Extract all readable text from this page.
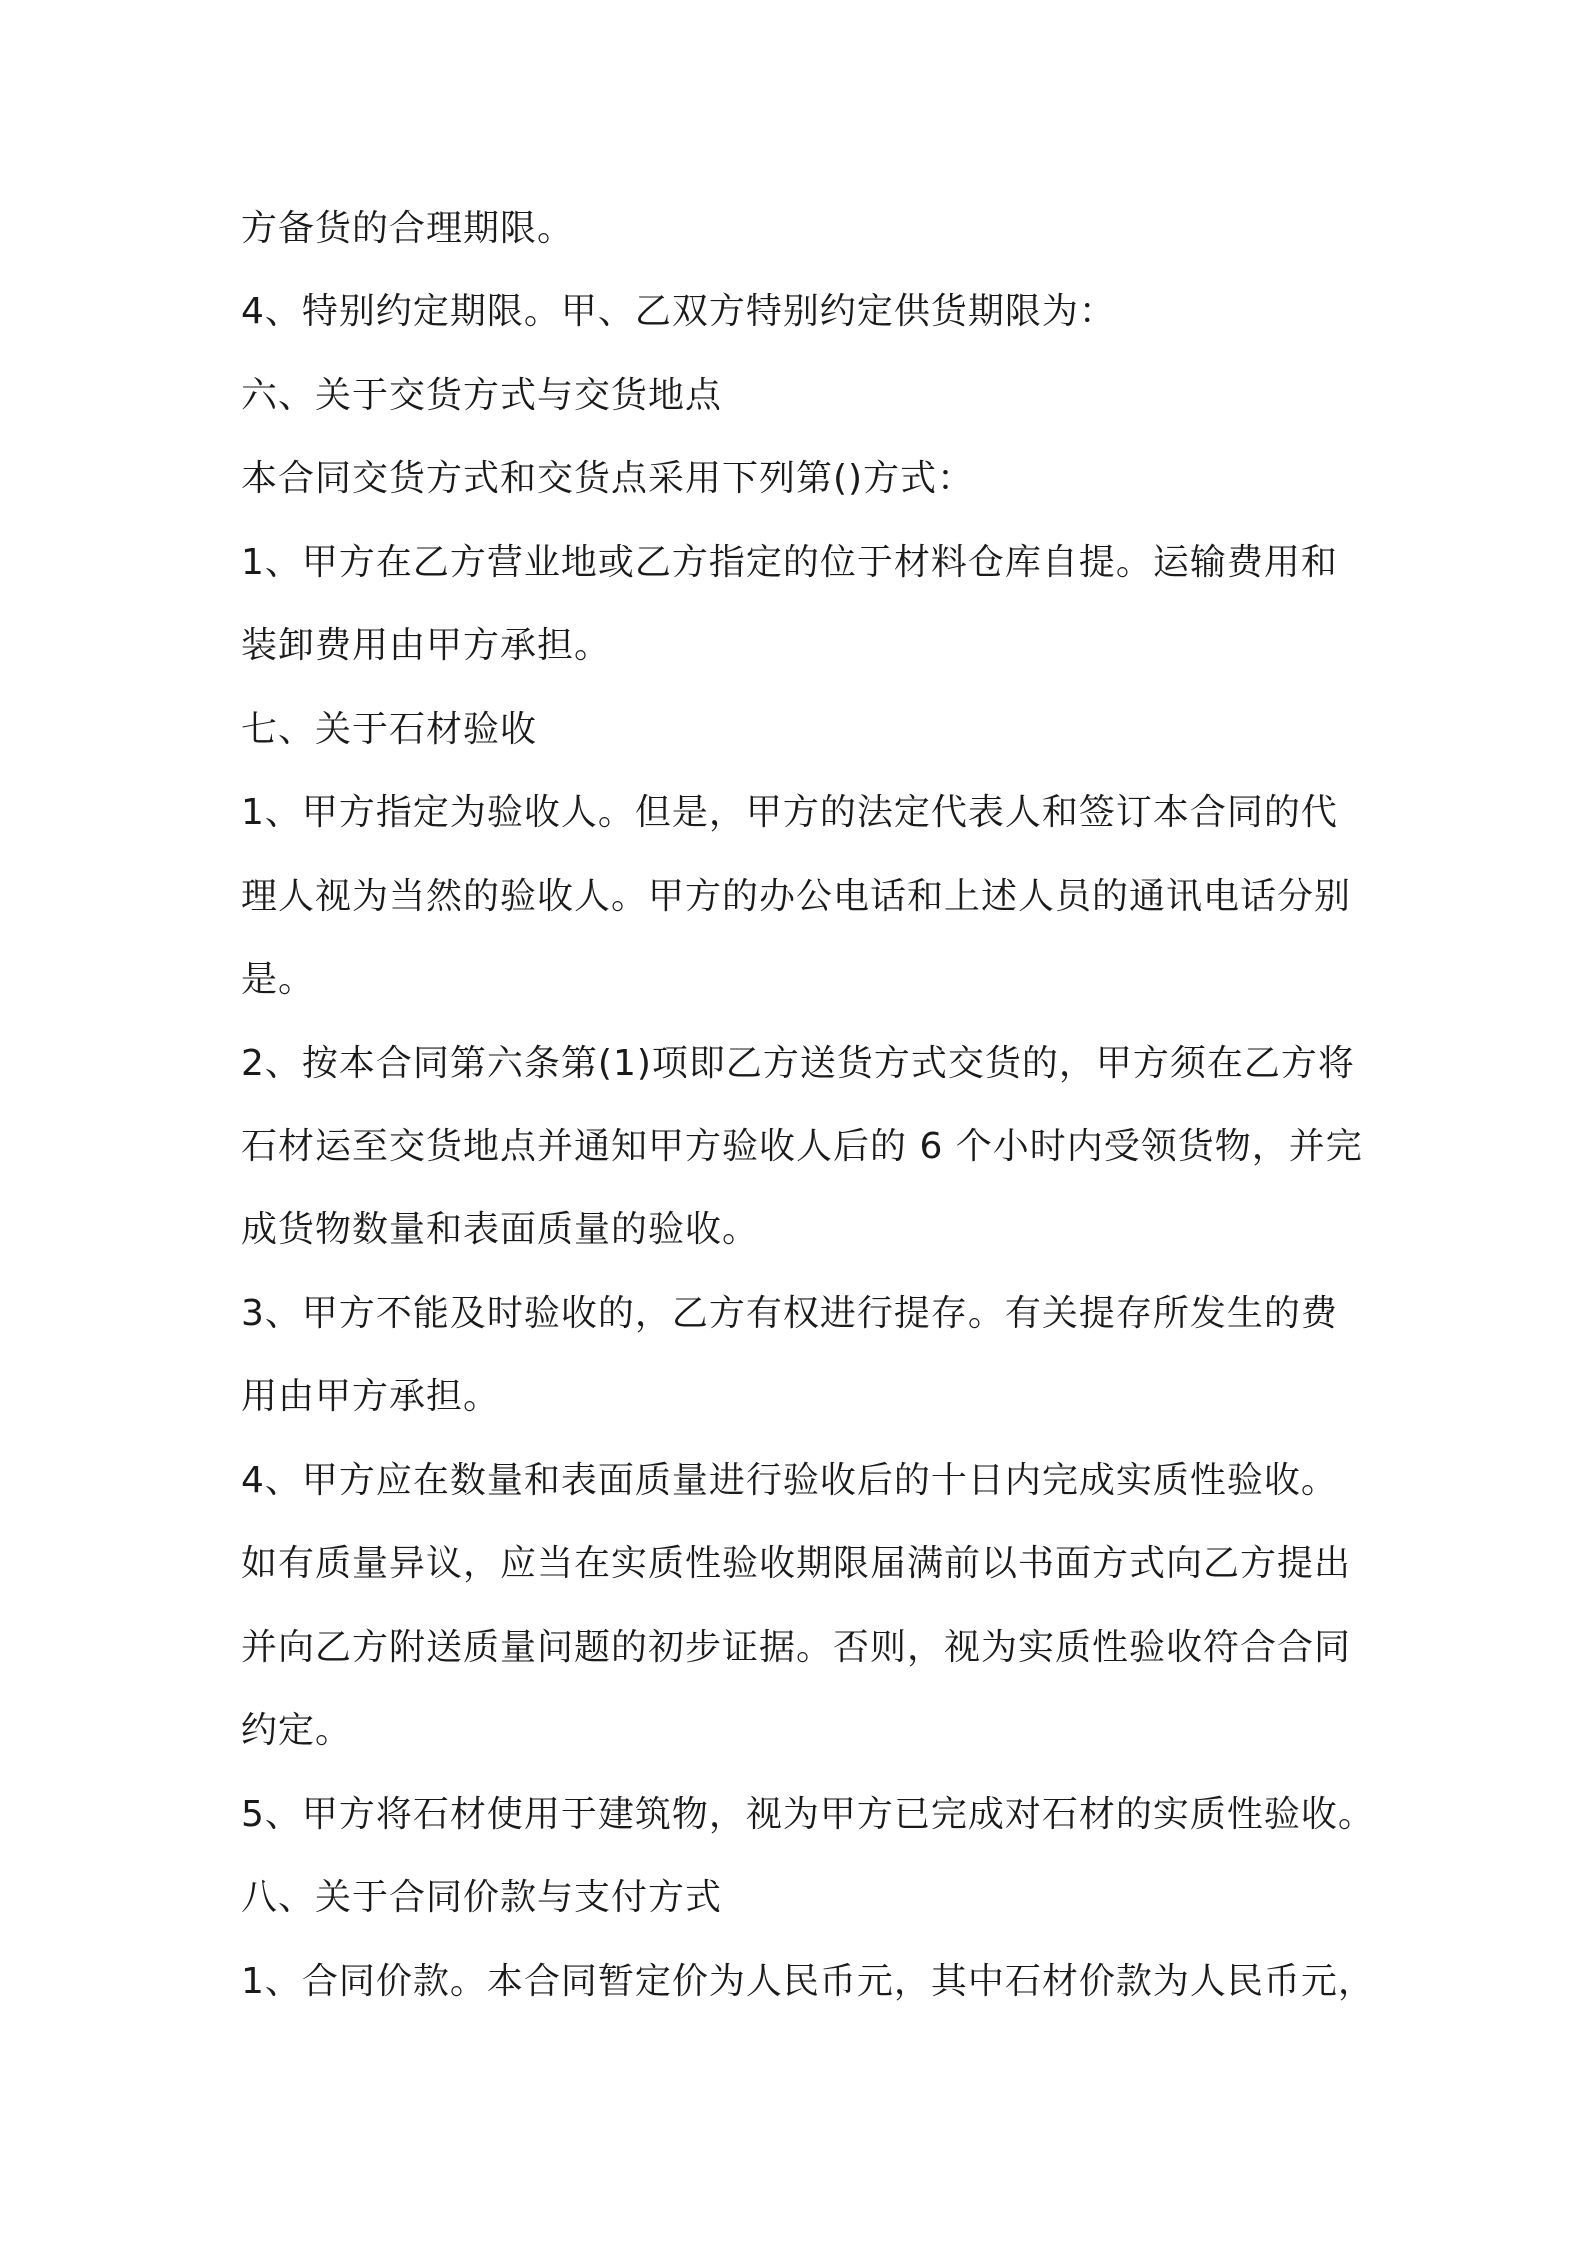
方备货的合理期限。
4、特别约定期限。甲、乙双方特别约定供货期限为：
六、关于交货方式与交货地点
本合同交货方式和交货点采用下列第()方式：
1、甲方在乙方营业地或乙方指定的位于材料仓库自提。运输费用和
装卸费用由甲方承担。
七、关于石材验收
1、甲方指定为验收人。但是，甲方的法定代表人和签订本合同的代
理人视为当然的验收人。甲方的办公电话和上述人员的通讯电话分别
是。
2、按本合同第六条第(1)项即乙方送货方式交货的，甲方须在乙方将
石材运至交货地点并通知甲方验收人后的 6 个小时内受领货物，并完
成货物数量和表面质量的验收。
3、甲方不能及时验收的，乙方有权进行提存。有关提存所发生的费
用由甲方承担。
4、甲方应在数量和表面质量进行验收后的十日内完成实质性验收。
如有质量异议，应当在实质性验收期限届满前以书面方式向乙方提出
并向乙方附送质量问题的初步证据。否则，视为实质性验收符合合同
约定。
5、甲方将石材使用于建筑物，视为甲方已完成对石材的实质性验收。
八、关于合同价款与支付方式
1、合同价款。本合同暂定价为人民币元，其中石材价款为人民币元，
